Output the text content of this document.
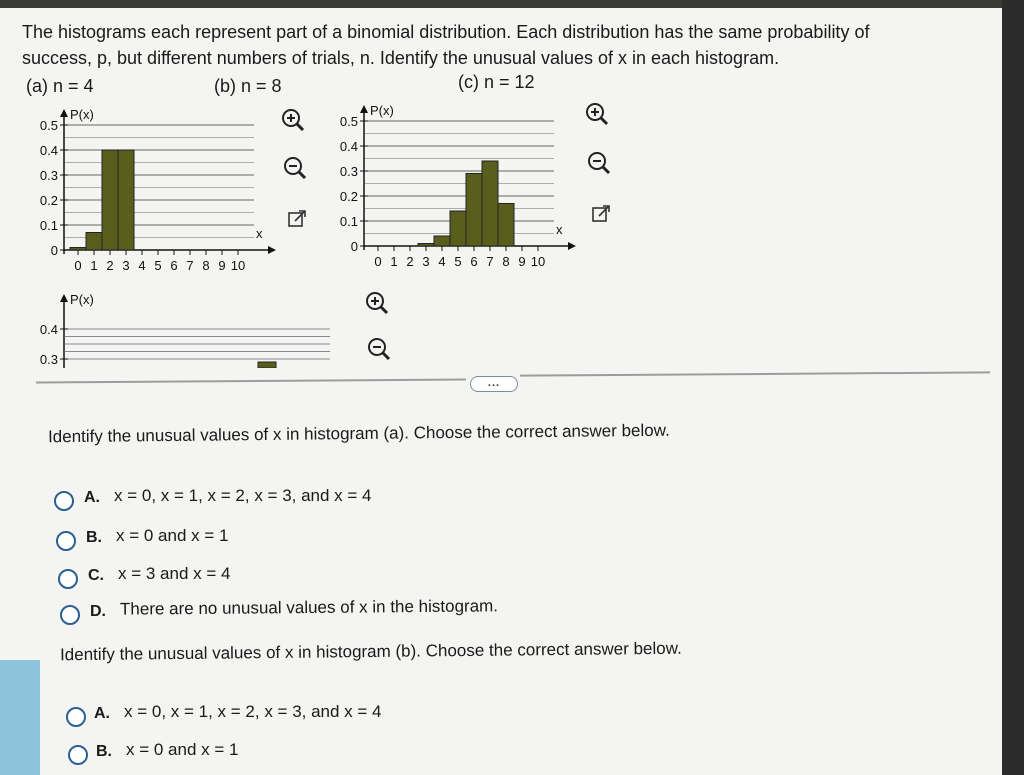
The histograms each represent part of a binomial distribution. Each distribution has the same probability of
success, p, but different numbers of trials, n. Identify the unusual values of x in each histogram.
(a) n = 4	(b) n = 8	(c) n = 12
P(x)
x
0
0.1
0.2
0.3
0.4
0.5
0 1 2 3 4 5 6 7 8 9 10
P(x)
x
0
0.1
0.2
0.3
0.4
0.5
0 1 2 3 4 5 6 7 8 9 10
P(x)
0.3
0.4
...
Identify the unusual values of x in histogram (a). Choose the correct answer below.
A. x = 0, x = 1, x = 2, x = 3, and x = 4
B. x = 0 and x = 1
C. x = 3 and x = 4
D. There are no unusual values of x in the histogram.
Identify the unusual values of x in histogram (b). Choose the correct answer below.
A. x = 0, x = 1, x = 2, x = 3, and x = 4
B. x = 0 and x = 1
